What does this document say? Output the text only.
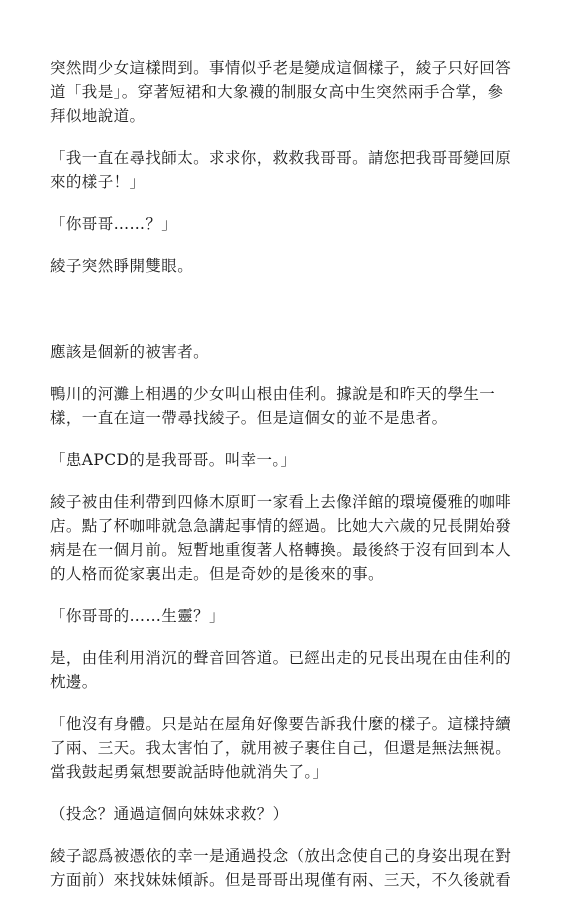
突然問少女這樣問到。事情似乎老是變成這個樣子，綾子只好回答
道「我是」。穿著短裙和大象襪的制服女高中生突然兩手合掌，參
拜似地說道。

「我一直在尋找師太。求求你，救救我哥哥。請您把我哥哥變回原
來的樣子！」

「你哥哥……？」

綾子突然睜開雙眼。

應該是個新的被害者。

鴨川的河灘上相遇的少女叫山根由佳利。據說是和昨天的學生一
樣，一直在這一帶尋找綾子。但是這個女的並不是患者。

「患APCD的是我哥哥。叫幸一。」

綾子被由佳利帶到四條木原町一家看上去像洋館的環境優雅的咖啡
店。點了杯咖啡就急急講起事情的經過。比她大六歲的兄長開始發
病是在一個月前。短暫地重復著人格轉換。最後終于沒有回到本人
的人格而從家裏出走。但是奇妙的是後來的事。

「你哥哥的……生靈？」

是，由佳利用消沉的聲音回答道。已經出走的兄長出現在由佳利的
枕邊。

「他沒有身體。只是站在屋角好像要告訴我什麼的樣子。這樣持續
了兩、三天。我太害怕了，就用被子裹住自己，但還是無法無視。
當我鼓起勇氣想要說話時他就消失了。」

（投念？通過這個向妹妹求救？）

綾子認爲被憑依的幸一是通過投念（放出念使自己的身姿出現在對
方面前）來找妹妹傾訴。但是哥哥出現僅有兩、三天，不久後就看
